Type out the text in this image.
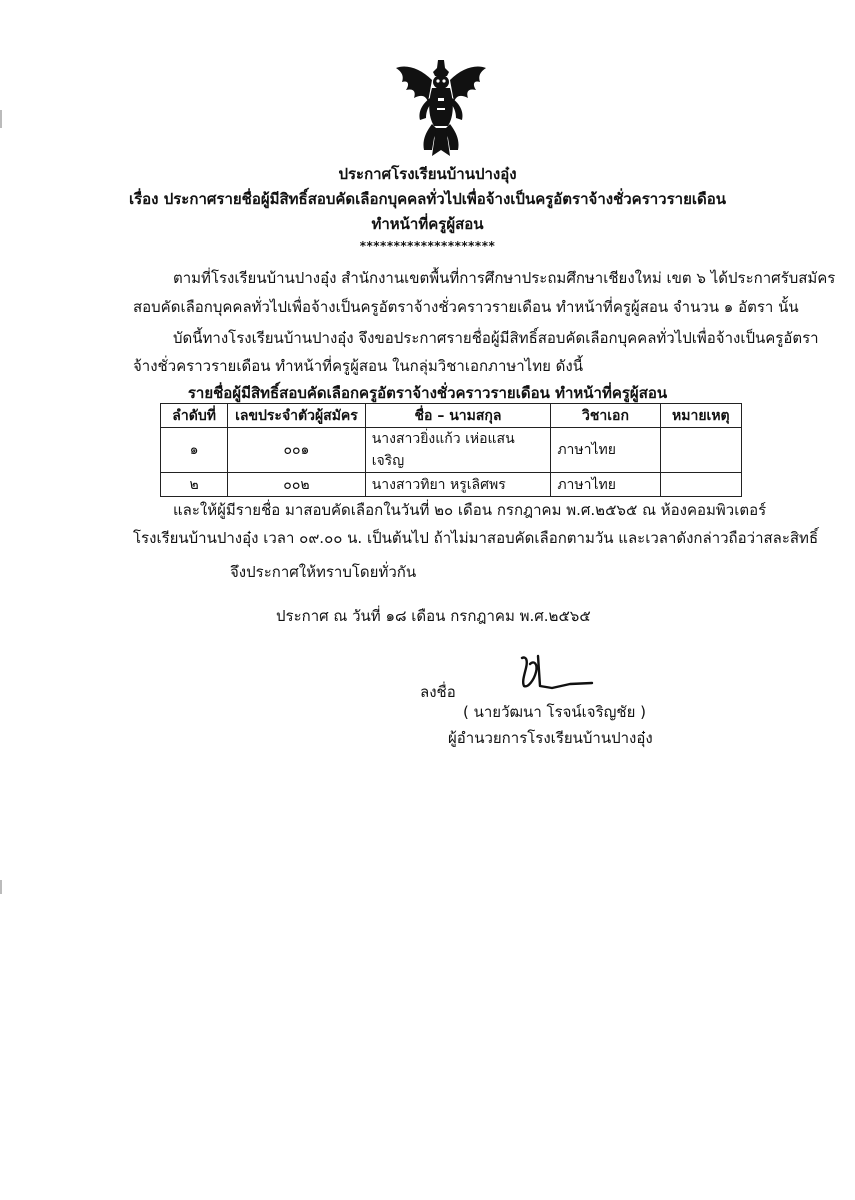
ประกาศโรงเรียนบ้านปางอุ๋ง
เรื่อง ประกาศรายชื่อผู้มีสิทธิ์สอบคัดเลือกบุคคลทั่วไปเพื่อจ้างเป็นครูอัตราจ้างชั่วคราวรายเดือน
ทำหน้าที่ครูผู้สอน
********************
ตามที่โรงเรียนบ้านปางอุ๋ง สำนักงานเขตพื้นที่การศึกษาประถมศึกษาเชียงใหม่ เขต ๖ ได้ประกาศรับสมัคร
สอบคัดเลือกบุคคลทั่วไปเพื่อจ้างเป็นครูอัตราจ้างชั่วคราวรายเดือน ทำหน้าที่ครูผู้สอน จำนวน ๑ อัตรา นั้น
บัดนี้ทางโรงเรียนบ้านปางอุ๋ง จึงขอประกาศรายชื่อผู้มีสิทธิ์สอบคัดเลือกบุคคลทั่วไปเพื่อจ้างเป็นครูอัตรา
จ้างชั่วคราวรายเดือน ทำหน้าที่ครูผู้สอน ในกลุ่มวิชาเอกภาษาไทย ดังนี้
รายชื่อผู้มีสิทธิ์สอบคัดเลือกครูอัตราจ้างชั่วคราวรายเดือน ทำหน้าที่ครูผู้สอน
ลำดับที่	เลขประจำตัวผู้สมัคร	ชื่อ – นามสกุล	วิชาเอก	หมายเหตุ
๑	๐๐๑	นางสาวยิ่งแก้ว เห่อแสนเจริญ	ภาษาไทย	
๒	๐๐๒	นางสาวทิยา หรูเลิศพร	ภาษาไทย	
และให้ผู้มีรายชื่อ มาสอบคัดเลือกในวันที่ ๒๐ เดือน กรกฎาคม พ.ศ.๒๕๖๕ ณ ห้องคอมพิวเตอร์
โรงเรียนบ้านปางอุ๋ง เวลา ๐๙.๐๐ น. เป็นต้นไป ถ้าไม่มาสอบคัดเลือกตามวัน และเวลาดังกล่าวถือว่าสละสิทธิ์
จึงประกาศให้ทราบโดยทั่วกัน
ประกาศ ณ วันที่ ๑๘ เดือน กรกฎาคม พ.ศ.๒๕๖๕
ลงชื่อ
( นายวัฒนา โรจน์เจริญชัย )
ผู้อำนวยการโรงเรียนบ้านปางอุ๋ง
